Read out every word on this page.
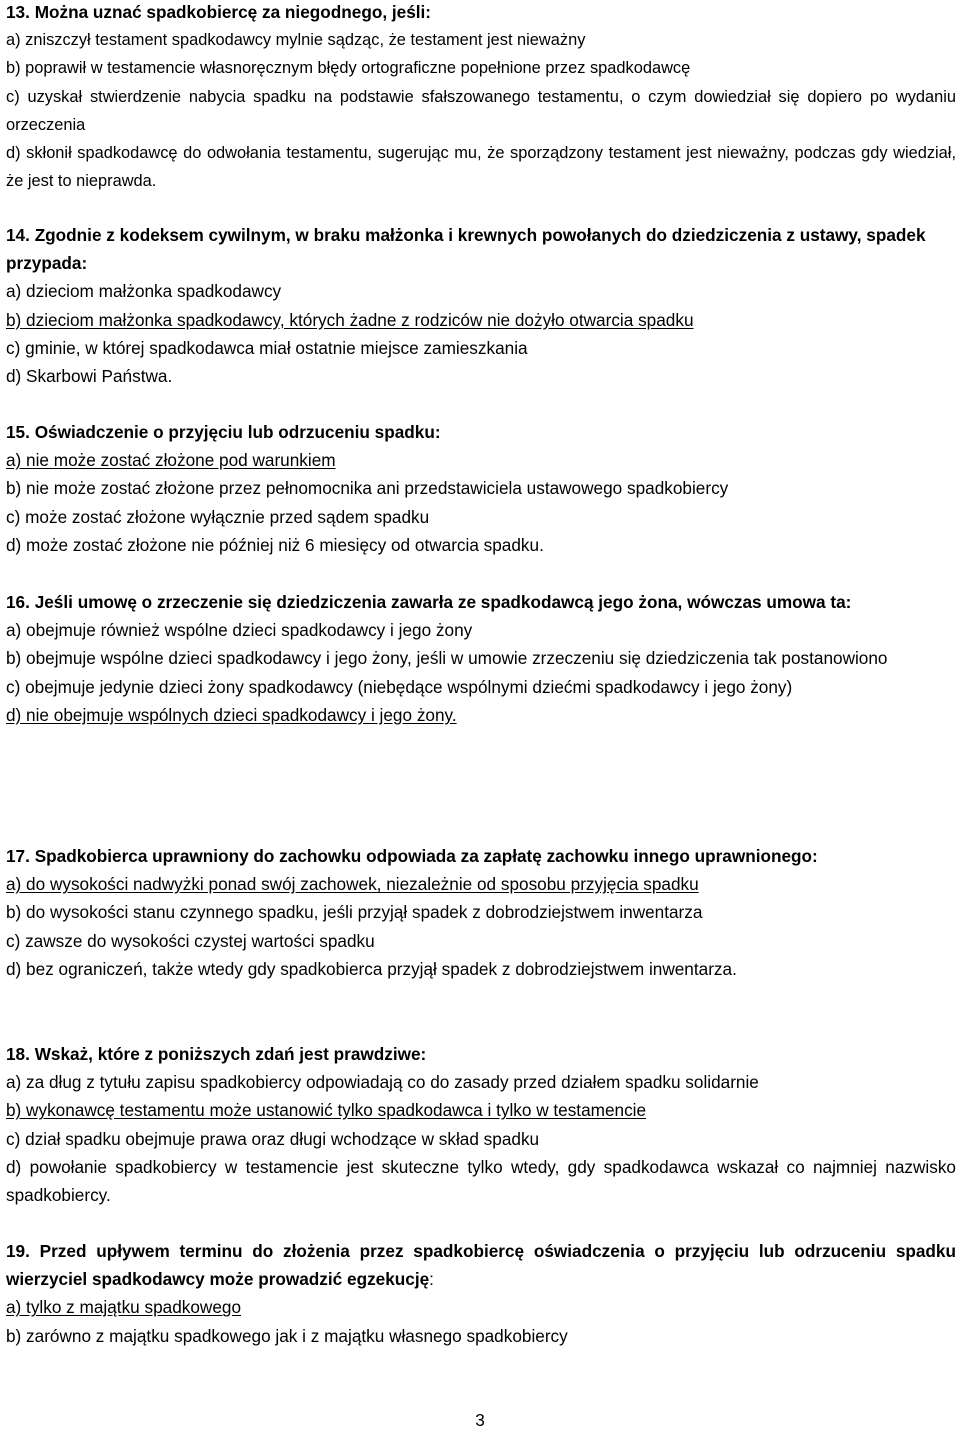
13. Można uznać spadkobiercę za niegodnego, jeśli:

a) zniszczył testament spadkodawcy mylnie sądząc, że testament jest nieważny

b) poprawił w testamencie własnoręcznym błędy ortograficzne popełnione przez spadkodawcę

c) uzyskał stwierdzenie nabycia spadku na podstawie sfałszowanego testamentu, o czym dowiedział się dopiero po wydaniu orzeczenia

d) skłonił spadkodawcę do odwołania testamentu, sugerując mu, że sporządzony testament jest nieważny, podczas gdy wiedział, że jest to nieprawda.

14. Zgodnie z kodeksem cywilnym, w braku małżonka i krewnych powołanych do dziedziczenia z ustawy, spadek przypada:

a) dzieciom małżonka spadkodawcy

b) dzieciom małżonka spadkodawcy, których żadne z rodziców nie dożyło otwarcia spadku

c) gminie, w której spadkodawca miał ostatnie miejsce zamieszkania

d) Skarbowi Państwa.

15. Oświadczenie o przyjęciu lub odrzuceniu spadku:

a) nie może zostać złożone pod warunkiem

b) nie może zostać złożone przez pełnomocnika ani przedstawiciela ustawowego spadkobiercy

c) może zostać złożone wyłącznie przed sądem spadku

d) może zostać złożone nie później niż 6 miesięcy od otwarcia spadku.

16. Jeśli umowę o zrzeczenie się dziedziczenia zawarła ze spadkodawcą jego żona, wówczas umowa ta:

a) obejmuje również wspólne dzieci spadkodawcy i jego żony

b) obejmuje wspólne dzieci spadkodawcy i jego żony, jeśli w umowie zrzeczeniu się dziedziczenia tak postanowiono

c) obejmuje jedynie dzieci żony spadkodawcy (niebędące wspólnymi dziećmi spadkodawcy i jego żony)

d) nie obejmuje wspólnych dzieci spadkodawcy i jego żony.

17. Spadkobierca uprawniony do zachowku odpowiada za zapłatę zachowku innego uprawnionego:

a) do wysokości nadwyżki ponad swój zachowek, niezależnie od sposobu przyjęcia spadku

b) do wysokości stanu czynnego spadku, jeśli przyjął spadek z dobrodziejstwem inwentarza

c) zawsze do wysokości czystej wartości spadku

d) bez ograniczeń, także wtedy gdy spadkobierca przyjął spadek z dobrodziejstwem inwentarza.

18. Wskaż, które z poniższych zdań jest prawdziwe:

a) za dług z tytułu zapisu spadkobiercy odpowiadają co do zasady przed działem spadku solidarnie

b) wykonawcę testamentu może ustanowić tylko spadkodawca i tylko w testamencie

c) dział spadku obejmuje prawa oraz długi wchodzące w skład spadku

d) powołanie spadkobiercy w testamencie jest skuteczne tylko wtedy, gdy spadkodawca wskazał co najmniej nazwisko spadkobiercy.

19. Przed upływem terminu do złożenia przez spadkobiercę oświadczenia o przyjęciu lub odrzuceniu spadku wierzyciel spadkodawcy może prowadzić egzekucję:

a) tylko z majątku spadkowego

b) zarówno z majątku spadkowego jak i z majątku własnego spadkobiercy

3
